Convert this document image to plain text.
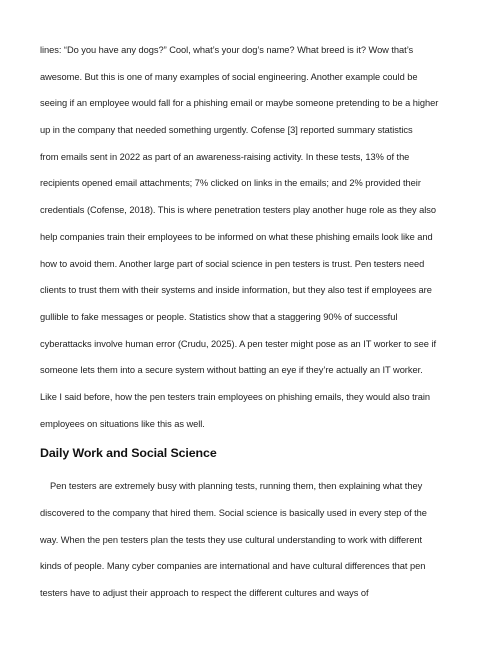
lines: “Do you have any dogs?” Cool, what’s your dog’s name? What breed is it? Wow that’s
awesome. But this is one of many examples of social engineering. Another example could be
seeing if an employee would fall for a phishing email or maybe someone pretending to be a higher
up in the company that needed something urgently. Cofense [3] reported summary statistics
from emails sent in 2022 as part of an awareness-raising activity. In these tests, 13% of the
recipients opened email attachments; 7% clicked on links in the emails; and 2% provided their
credentials (Cofense, 2018). This is where penetration testers play another huge role as they also
help companies train their employees to be informed on what these phishing emails look like and
how to avoid them. Another large part of social science in pen testers is trust. Pen testers need
clients to trust them with their systems and inside information, but they also test if employees are
gullible to fake messages or people. Statistics show that a staggering 90% of successful
cyberattacks involve human error (Crudu, 2025). A pen tester might pose as an IT worker to see if
someone lets them into a secure system without batting an eye if they’re actually an IT worker.
Like I said before, how the pen testers train employees on phishing emails, they would also train
employees on situations like this as well.
Daily Work and Social Science
Pen testers are extremely busy with planning tests, running them, then explaining what they
discovered to the company that hired them. Social science is basically used in every step of the
way. When the pen testers plan the tests they use cultural understanding to work with different
kinds of people. Many cyber companies are international and have cultural differences that pen
testers have to adjust their approach to respect the different cultures and ways of
